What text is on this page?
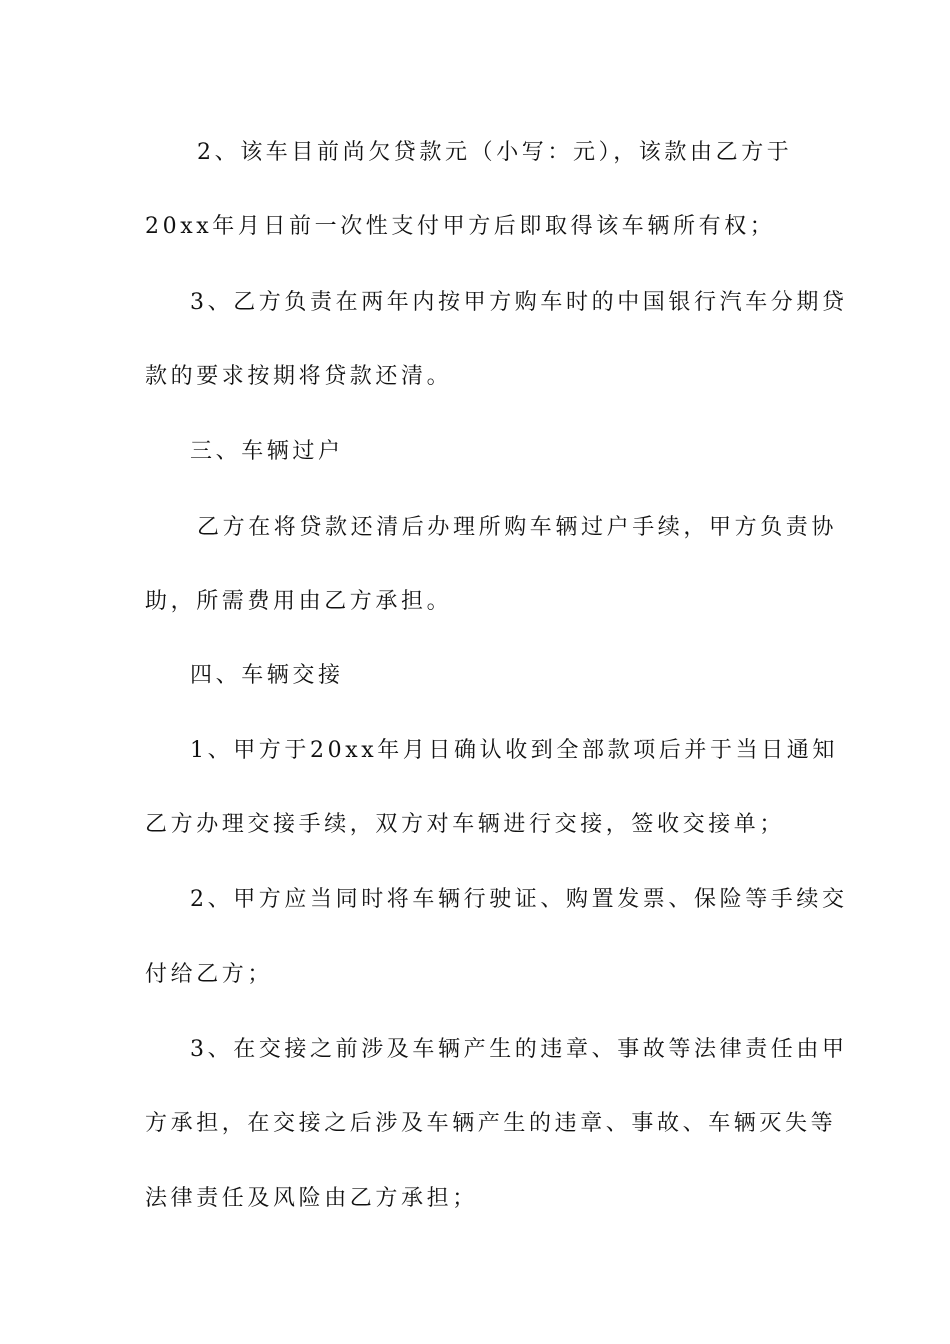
2、该车目前尚欠贷款元（小写：元），该款由乙方于
20xx年月日前一次性支付甲方后即取得该车辆所有权；
3、乙方负责在两年内按甲方购车时的中国银行汽车分期贷
款的要求按期将贷款还清。
三、车辆过户
乙方在将贷款还清后办理所购车辆过户手续，甲方负责协
助，所需费用由乙方承担。
四、车辆交接
1、甲方于20xx年月日确认收到全部款项后并于当日通知
乙方办理交接手续，双方对车辆进行交接，签收交接单；
2、甲方应当同时将车辆行驶证、购置发票、保险等手续交
付给乙方；
3、在交接之前涉及车辆产生的违章、事故等法律责任由甲
方承担，在交接之后涉及车辆产生的违章、事故、车辆灭失等
法律责任及风险由乙方承担；
